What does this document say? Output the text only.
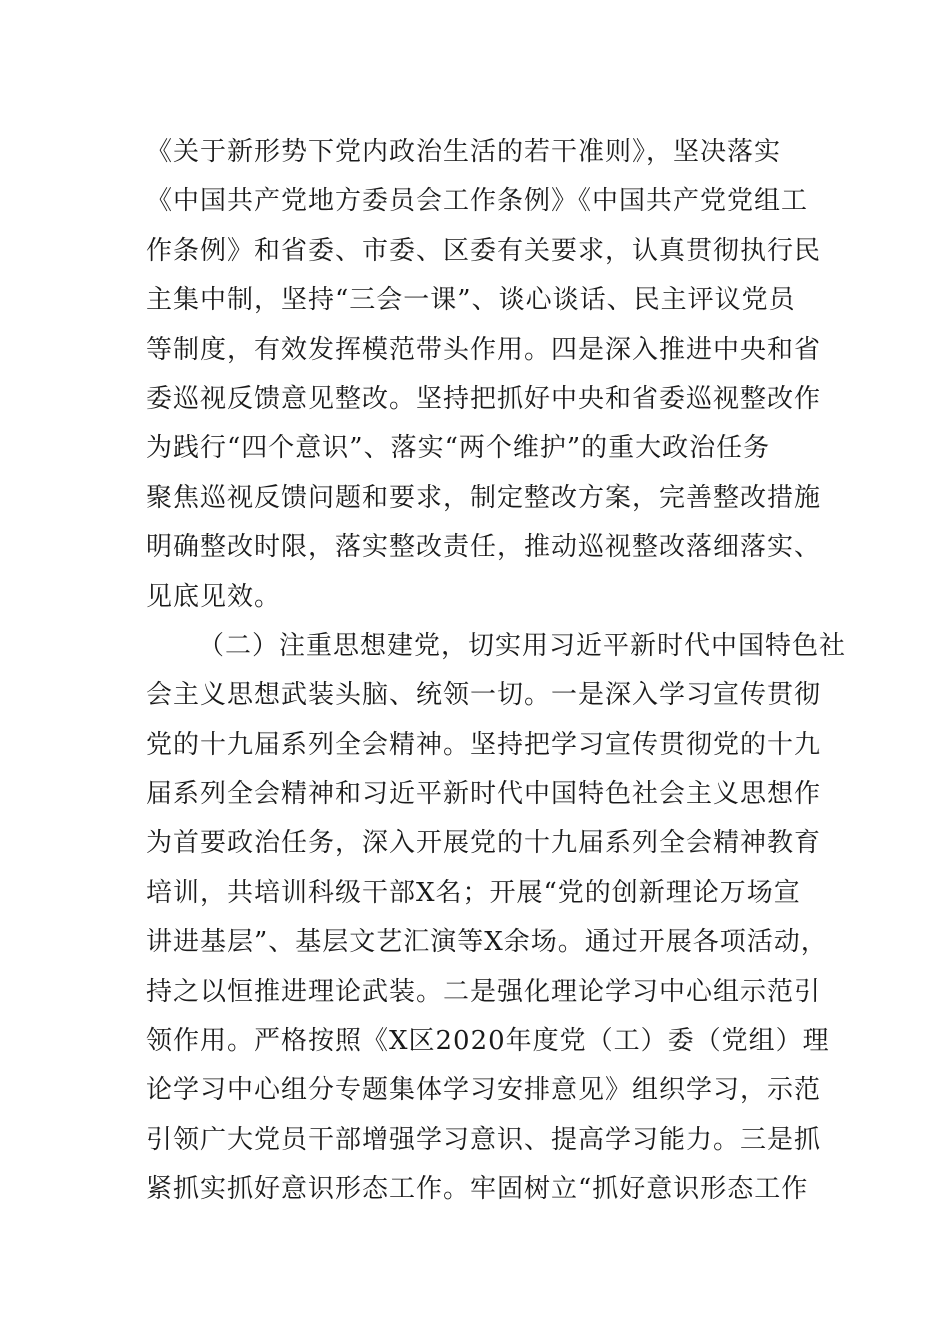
《关于新形势下党内政治生活的若干准则》，坚决落实
《中国共产党地方委员会工作条例》《中国共产党党组工
作条例》和省委、市委、区委有关要求，认真贯彻执行民
主集中制，坚持“三会一课”、谈心谈话、民主评议党员
等制度，有效发挥模范带头作用。四是深入推进中央和省
委巡视反馈意见整改。坚持把抓好中央和省委巡视整改作
为践行“四个意识”、落实“两个维护”的重大政治任务
聚焦巡视反馈问题和要求，制定整改方案，完善整改措施
明确整改时限，落实整改责任，推动巡视整改落细落实、
见底见效。
（二）注重思想建党，切实用习近平新时代中国特色社
会主义思想武装头脑、统领一切。一是深入学习宣传贯彻
党的十九届系列全会精神。坚持把学习宣传贯彻党的十九
届系列全会精神和习近平新时代中国特色社会主义思想作
为首要政治任务，深入开展党的十九届系列全会精神教育
培训，共培训科级干部X名；开展“党的创新理论万场宣
讲进基层”、基层文艺汇演等X余场。通过开展各项活动，
持之以恒推进理论武装。二是强化理论学习中心组示范引
领作用。严格按照《X区2020年度党（工）委（党组）理
论学习中心组分专题集体学习安排意见》组织学习，示范
引领广大党员干部增强学习意识、提高学习能力。三是抓
紧抓实抓好意识形态工作。牢固树立“抓好意识形态工作
